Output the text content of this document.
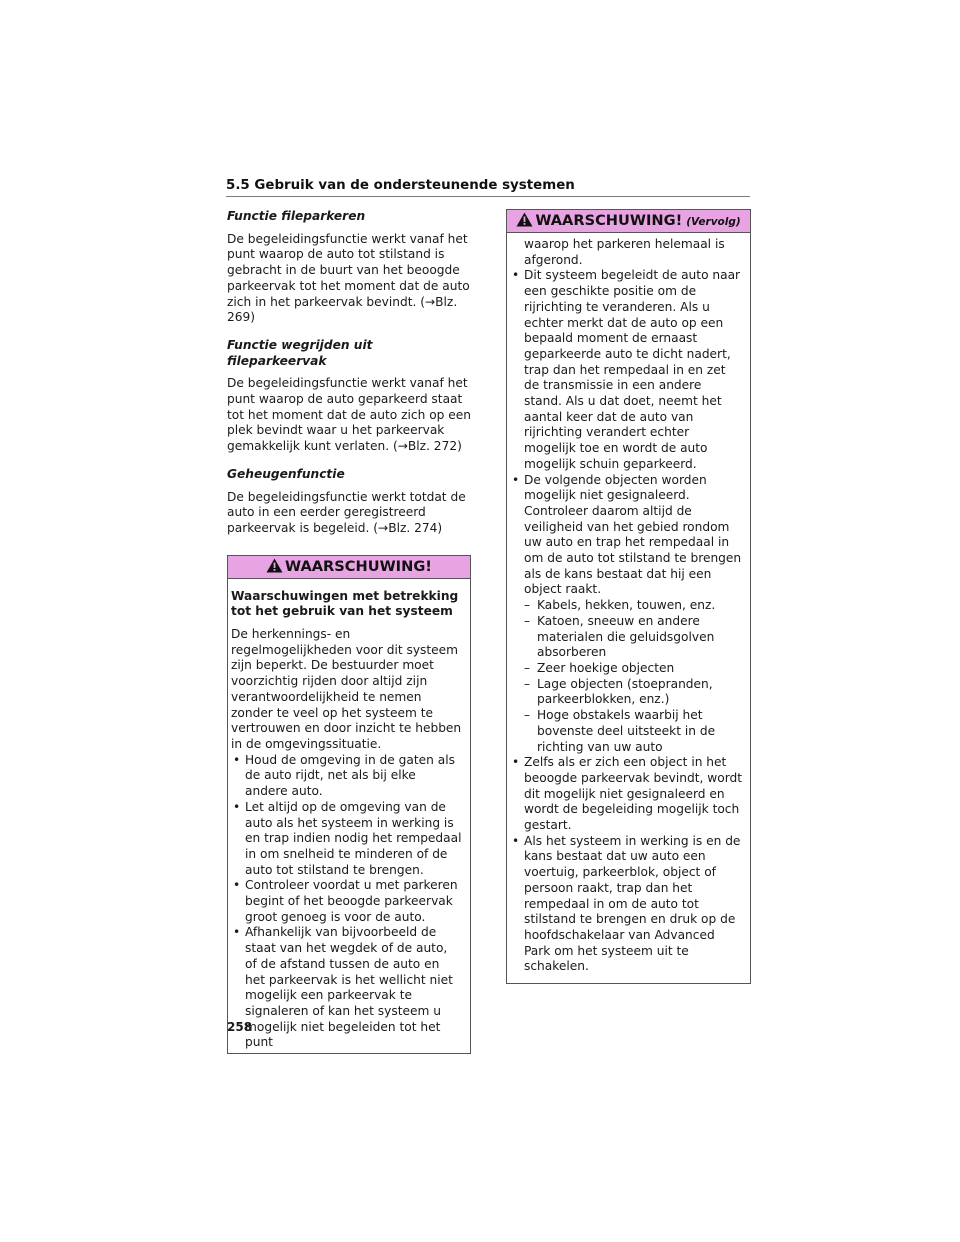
5.5 Gebruik van de ondersteunende systemen
Functie fileparkeren
De begeleidingsfunctie werkt vanaf het punt waarop de auto tot stilstand is gebracht in de buurt van het beoogde parkeervak tot het moment dat de auto zich in het parkeervak bevindt. (→Blz. 269)
Functie wegrijden uit fileparkeervak
De begeleidingsfunctie werkt vanaf het punt waarop de auto geparkeerd staat tot het moment dat de auto zich op een plek bevindt waar u het parkeervak gemakkelijk kunt verlaten. (→Blz. 272)
Geheugenfunctie
De begeleidingsfunctie werkt totdat de auto in een eerder geregistreerd parkeervak is begeleid. (→Blz. 274)
WAARSCHUWING!
Waarschuwingen met betrekking tot het gebruik van het systeem
De herkennings- en regelmogelijkheden voor dit systeem zijn beperkt. De bestuurder moet voorzichtig rijden door altijd zijn verantwoordelijkheid te nemen zonder te veel op het systeem te vertrouwen en door inzicht te hebben in de omgevingssituatie.
• Houd de omgeving in de gaten als de auto rijdt, net als bij elke andere auto.
• Let altijd op de omgeving van de auto als het systeem in werking is en trap indien nodig het rempedaal in om snelheid te minderen of de auto tot stilstand te brengen.
• Controleer voordat u met parkeren begint of het beoogde parkeervak groot genoeg is voor de auto.
• Afhankelijk van bijvoorbeeld de staat van het wegdek of de auto, of de afstand tussen de auto en het parkeervak is het wellicht niet mogelijk een parkeervak te signaleren of kan het systeem u mogelijk niet begeleiden tot het punt
WAARSCHUWING! (Vervolg)
waarop het parkeren helemaal is afgerond.
• Dit systeem begeleidt de auto naar een geschikte positie om de rijrichting te veranderen. Als u echter merkt dat de auto op een bepaald moment de ernaast geparkeerde auto te dicht nadert, trap dan het rempedaal in en zet de transmissie in een andere stand. Als u dat doet, neemt het aantal keer dat de auto van rijrichting verandert echter mogelijk toe en wordt de auto mogelijk schuin geparkeerd.
• De volgende objecten worden mogelijk niet gesignaleerd. Controleer daarom altijd de veiligheid van het gebied rondom uw auto en trap het rempedaal in om de auto tot stilstand te brengen als de kans bestaat dat hij een object raakt.
– Kabels, hekken, touwen, enz.
– Katoen, sneeuw en andere materialen die geluidsgolven absorberen
– Zeer hoekige objecten
– Lage objecten (stoepranden, parkeerblokken, enz.)
– Hoge obstakels waarbij het bovenste deel uitsteekt in de richting van uw auto
• Zelfs als er zich een object in het beoogde parkeervak bevindt, wordt dit mogelijk niet gesignaleerd en wordt de begeleiding mogelijk toch gestart.
• Als het systeem in werking is en de kans bestaat dat uw auto een voertuig, parkeerblok, object of persoon raakt, trap dan het rempedaal in om de auto tot stilstand te brengen en druk op de hoofdschakelaar van Advanced Park om het systeem uit te schakelen.
258
